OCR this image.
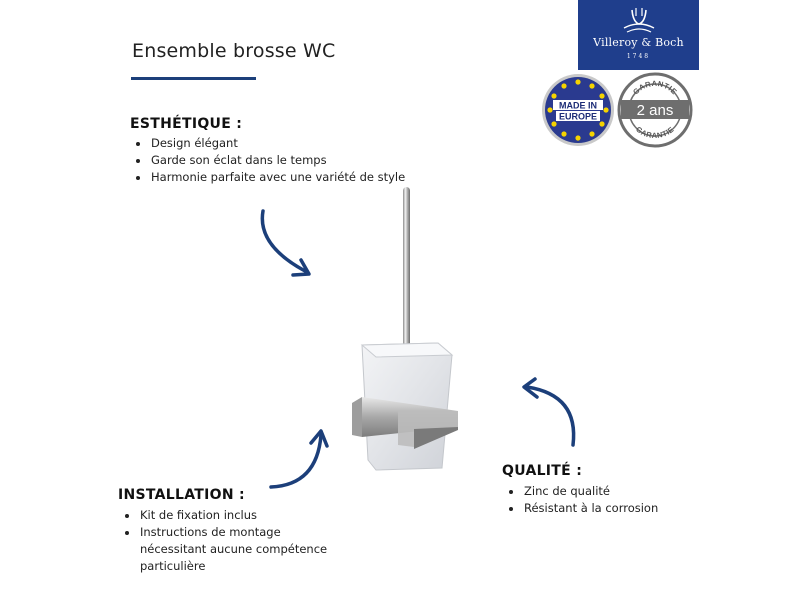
Ensemble brosse WC	Villeroy & Boch
1748
MADE IN
EUROPE
GARANTIE
GARANTIE
2 ans
ESTHÉTIQUE :
• Design élégant
• Garde son éclat dans le temps
• Harmonie parfaite avec une variété de style
INSTALLATION :
• Kit de fixation inclus
• Instructions de montage nécessitant aucune compétence particulière
QUALITÉ :
• Zinc de qualité
• Résistant à la corrosion
